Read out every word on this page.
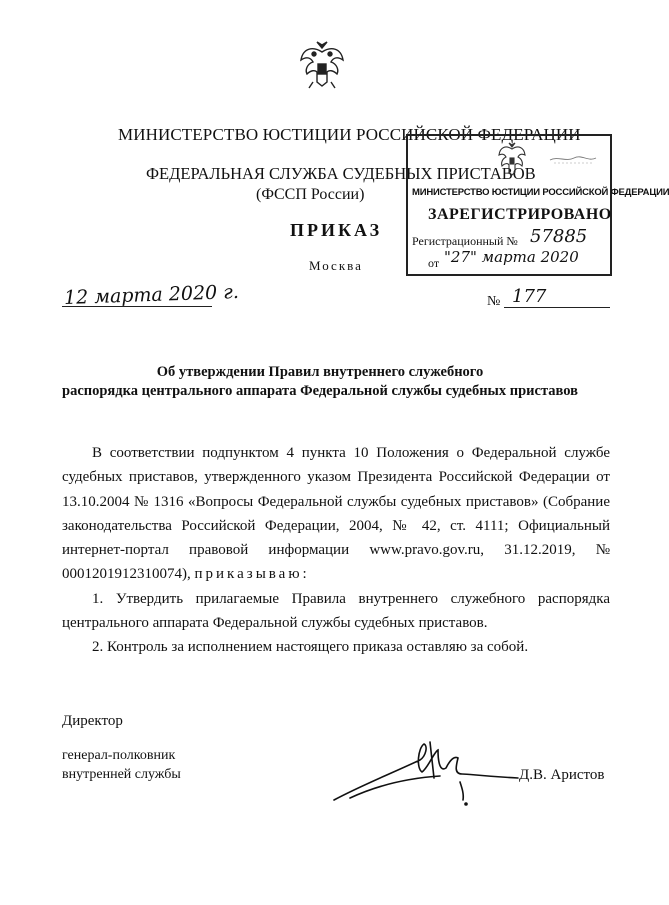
МИНИСТЕРСТВО ЮСТИЦИИ РОССИЙСКОЙ ФЕДЕРАЦИИ
ФЕДЕРАЛЬНАЯ СЛУЖБА СУДЕБНЫХ ПРИСТАВОВ
(ФССП России)
ПРИКАЗ
Москва
12 марта 2020 г.	№ 177
МИНИСТЕРСТВО ЮСТИЦИИ РОССИЙСКОЙ ФЕДЕРАЦИИ
ЗАРЕГИСТРИРОВАНО
Регистрационный № 57885
от "27" марта 2020
Об утверждении Правил внутреннего служебного
распорядка центрального аппарата Федеральной службы судебных приставов

В соответствии подпунктом 4 пункта 10 Положения о Федеральной службе судебных приставов, утвержденного указом Президента Российской Федерации от 13.10.2004 № 1316 «Вопросы Федеральной службы судебных приставов» (Собрание законодательства Российской Федерации, 2004, № 42, ст. 4111; Официальный интернет-портал правовой информации www.pravo.gov.ru, 31.12.2019, № 0001201912310074), приказываю:

1. Утвердить прилагаемые Правила внутреннего служебного распорядка центрального аппарата Федеральной службы судебных приставов.

2. Контроль за исполнением настоящего приказа оставляю за собой.

Директор
генерал-полковник
внутренней службы	Д.В. Аристов
